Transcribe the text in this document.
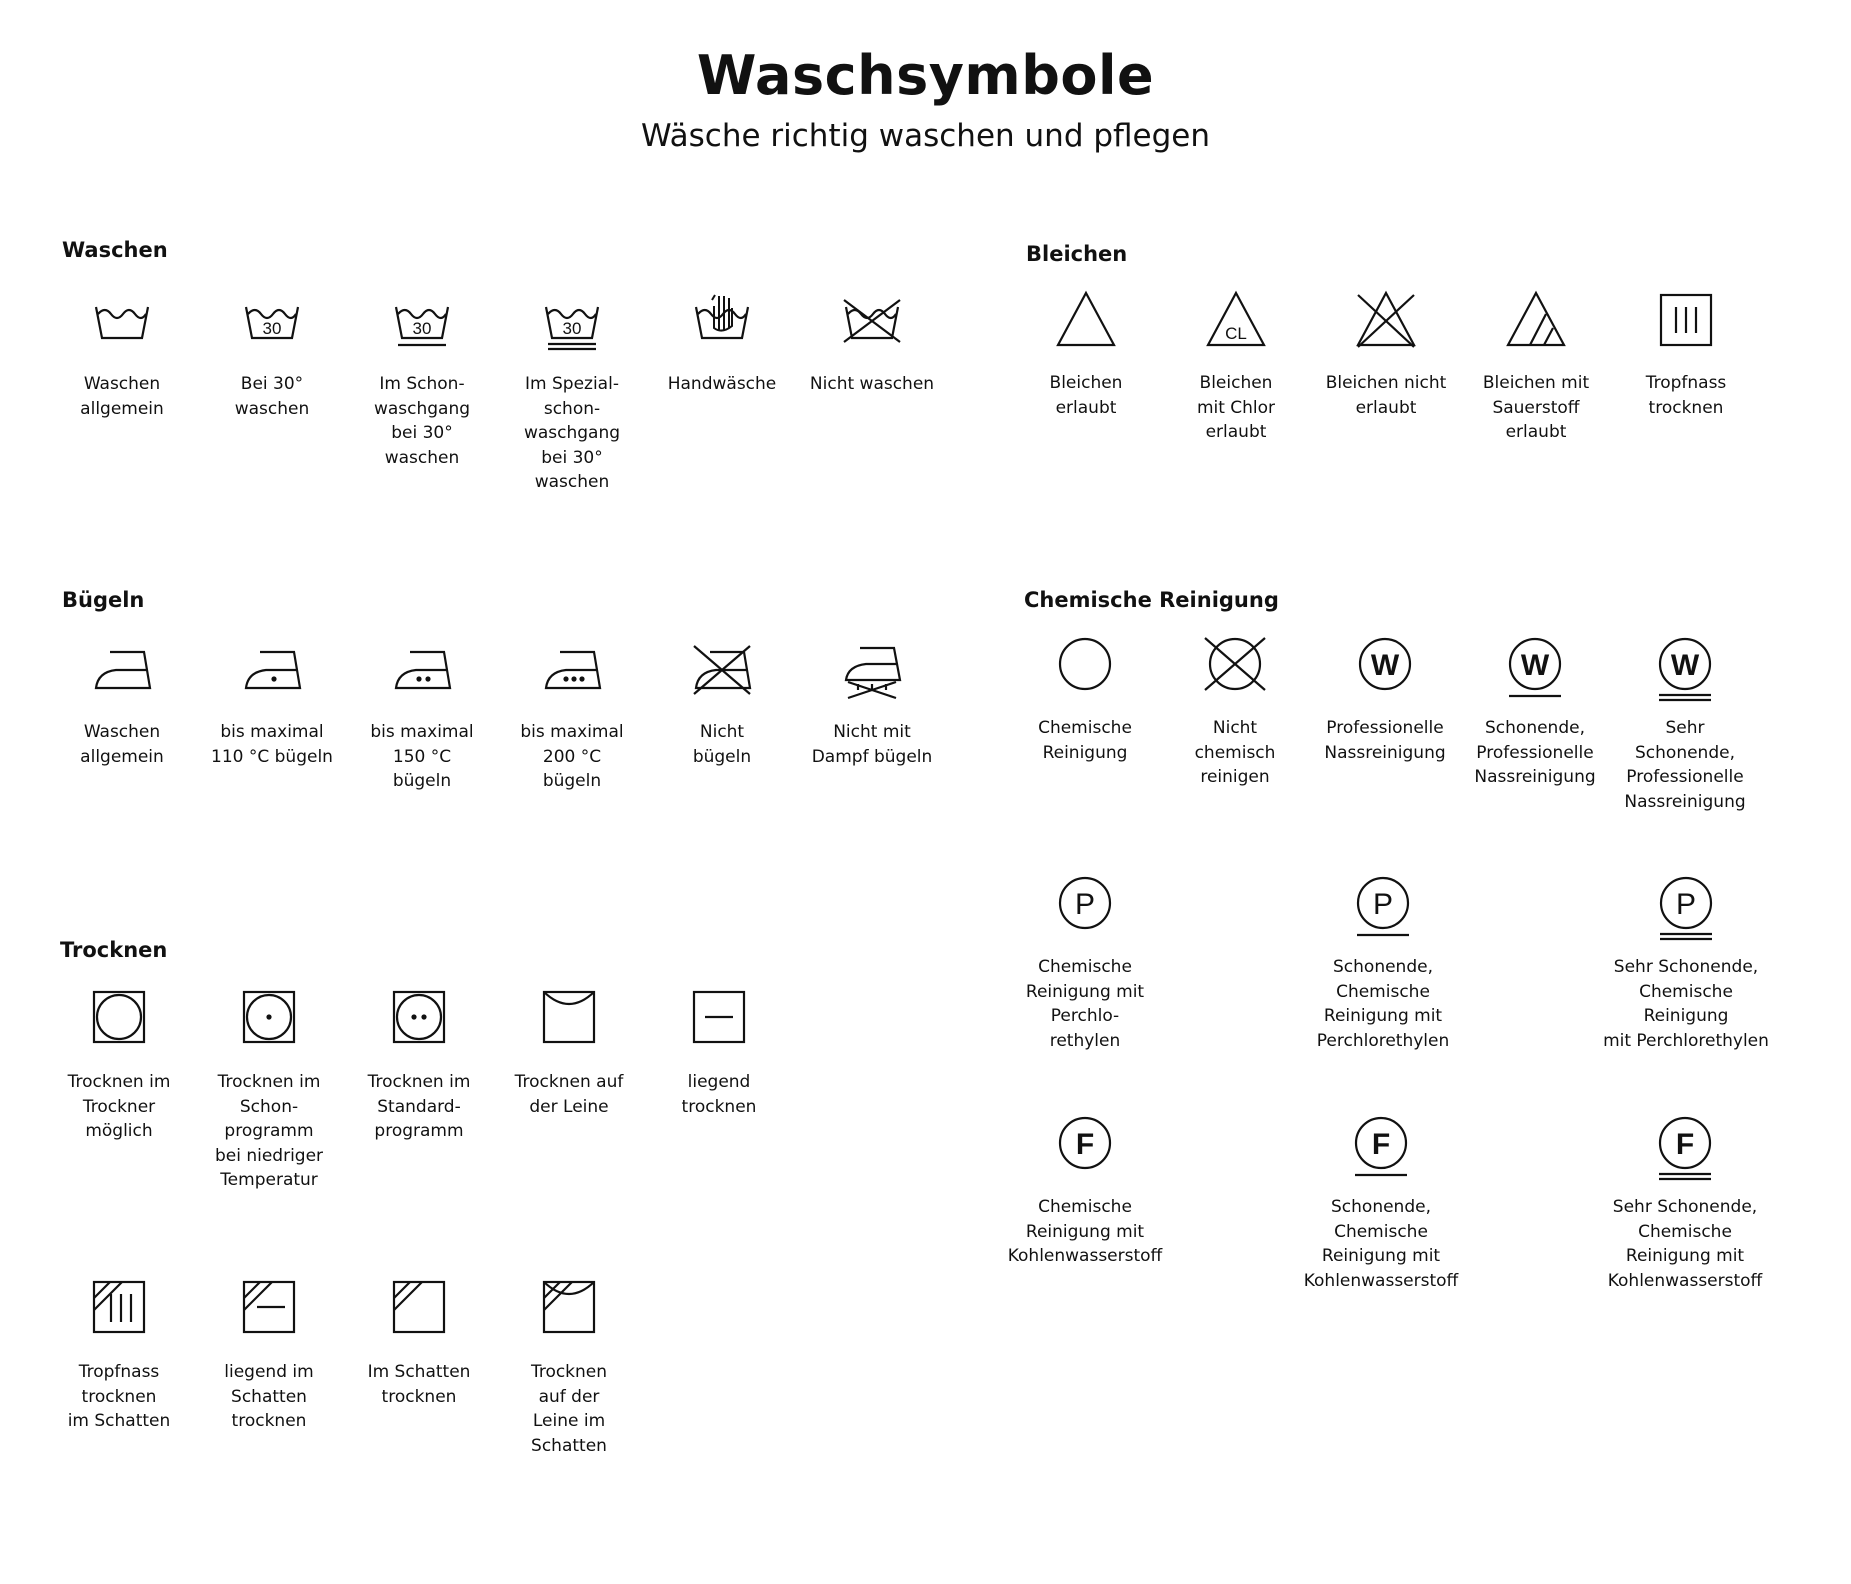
Waschsymbole
Wäsche richtig waschen und pflegen
Waschen
Waschen
allgemein
30
Bei 30°
waschen
30
Im Schon-
waschgang
bei 30°
waschen
30
Im Spezial-
schon-
waschgang
bei 30°
waschen
Handwäsche	Nicht waschen
Bleichen
Bleichen
erlaubt
CL
Bleichen
mit Chlor
erlaubt
Bleichen nicht
erlaubt
Bleichen mit
Sauerstoff
erlaubt
Tropfnass
trocknen
Bügeln
Waschen
allgemein
bis maximal
110 °C bügeln
bis maximal
150 °C
bügeln
bis maximal
200 °C
bügeln
Nicht
bügeln
Nicht mit
Dampf bügeln
Chemische Reinigung
Chemische
Reinigung
Nicht
chemisch
reinigen
W
Professionelle
Nassreinigung
W
Schonende,
Professionelle
Nassreinigung
W
Sehr
Schonende,
Professionelle
Nassreinigung
P
Chemische
Reinigung mit Perchlo-
rethylen
P
Schonende,
Chemische
Reinigung mit
Perchlorethylen
P
Sehr Schonende,
Chemische
Reinigung
mit Perchlorethylen
F
Chemische
Reinigung mit
Kohlenwasserstoff
F
Schonende,
Chemische
Reinigung mit
Kohlenwasserstoff
F
Sehr Schonende,
Chemische
Reinigung mit
Kohlenwasserstoff
Trocknen
Trocknen im
Trockner
möglich
Trocknen im
Schon-
programm
bei niedriger
Temperatur
Trocknen im
Standard-
programm
Trocknen auf
der Leine
liegend
trocknen
Tropfnass
trocknen
im Schatten
liegend im
Schatten
trocknen
Im Schatten
trocknen
Trocknen
auf der
Leine im
Schatten
